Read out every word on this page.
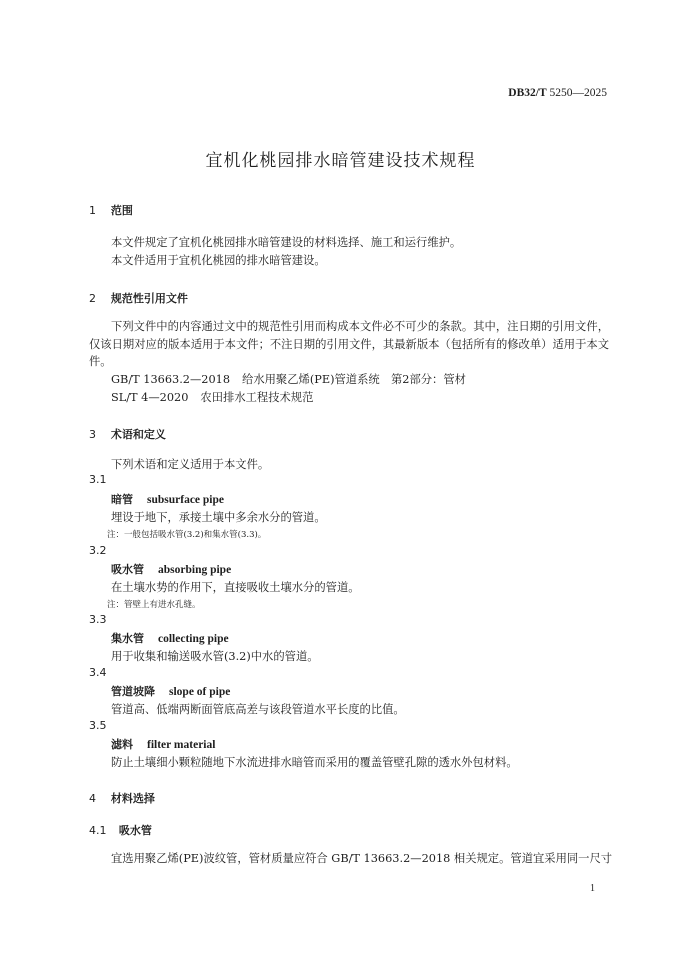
DB32/T 5250—2025
宜机化桃园排水暗管建设技术规程
1 范围
本文件规定了宜机化桃园排水暗管建设的材料选择、施工和运行维护。
本文件适用于宜机化桃园的排水暗管建设。
2 规范性引用文件
下列文件中的内容通过文中的规范性引用而构成本文件必不可少的条款。其中，注日期的引用文件，仅该日期对应的版本适用于本文件；不注日期的引用文件，其最新版本（包括所有的修改单）适用于本文件。
GB/T 13663.2—2018 给水用聚乙烯(PE)管道系统　第2部分：管材
SL/T 4—2020 农田排水工程技术规范
3 术语和定义
下列术语和定义适用于本文件。
3.1
暗管 subsurface pipe
埋设于地下，承接土壤中多余水分的管道。
注：一般包括吸水管(3.2)和集水管(3.3)。
3.2
吸水管 absorbing pipe
在土壤水势的作用下，直接吸收土壤水分的管道。
注：管壁上有进水孔缝。
3.3
集水管 collecting pipe
用于收集和输送吸水管(3.2)中水的管道。
3.4
管道坡降 slope of pipe
管道高、低端两断面管底高差与该段管道水平长度的比值。
3.5
滤料 filter material
防止土壤细小颗粒随地下水流进排水暗管而采用的覆盖管壁孔隙的透水外包材料。
4 材料选择
4.1 吸水管
宜选用聚乙烯(PE)波纹管，管材质量应符合 GB/T 13663.2—2018 相关规定。管道宜采用同一尺寸
1
